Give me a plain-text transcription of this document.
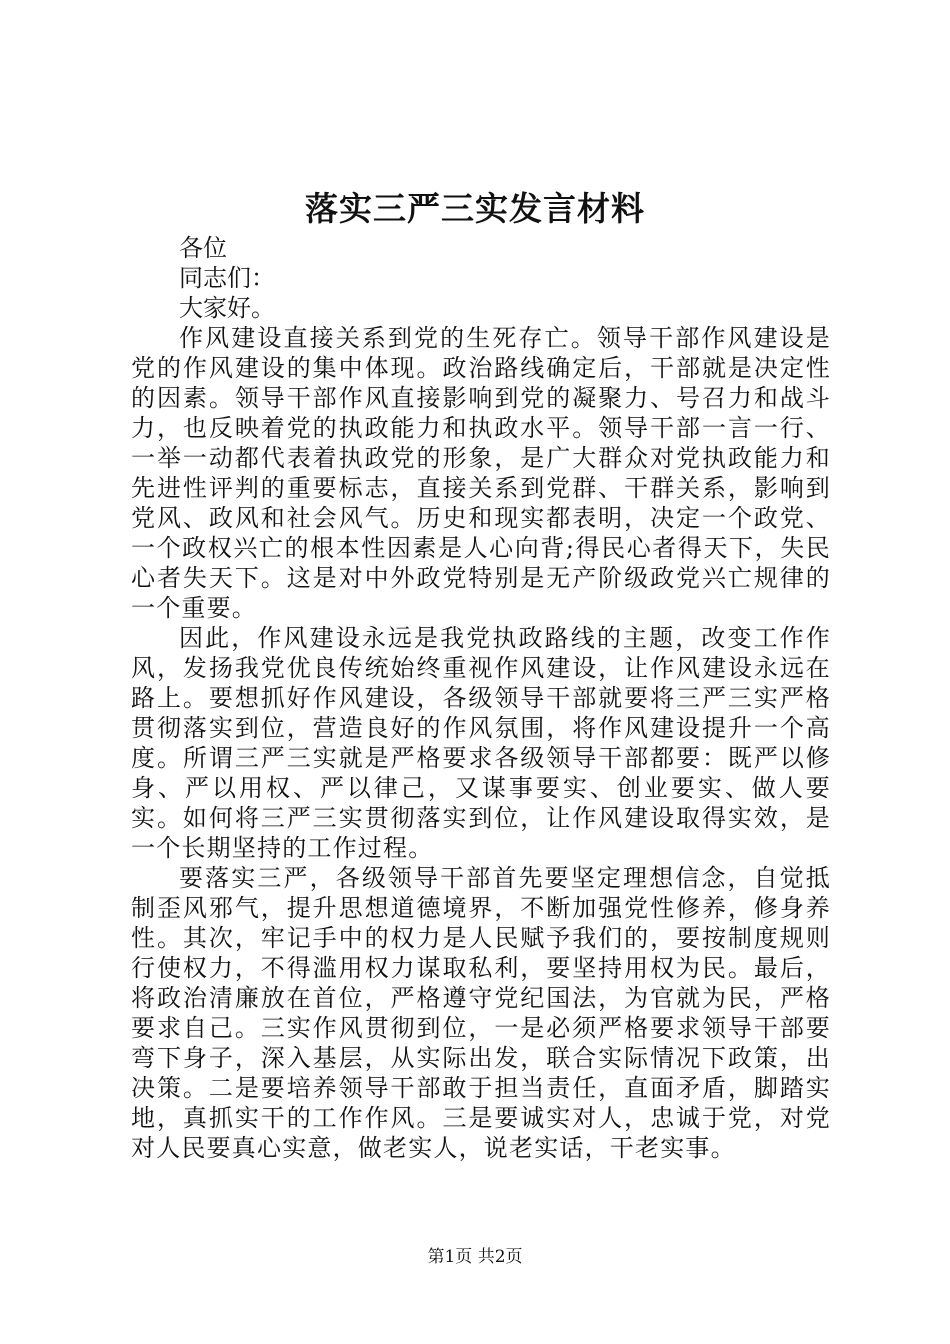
落实三严三实发言材料

各位

同志们：

大家好。

作风建设直接关系到党的生死存亡。领导干部作风建设是党的作风建设的集中体现。政治路线确定后，干部就是决定性的因素。领导干部作风直接影响到党的凝聚力、号召力和战斗力，也反映着党的执政能力和执政水平。领导干部一言一行、一举一动都代表着执政党的形象，是广大群众对党执政能力和先进性评判的重要标志，直接关系到党群、干群关系，影响到党风、政风和社会风气。历史和现实都表明，决定一个政党、一个政权兴亡的根本性因素是人心向背;得民心者得天下，失民心者失天下。这是对中外政党特别是无产阶级政党兴亡规律的一个重要。

因此，作风建设永远是我党执政路线的主题，改变工作作风，发扬我党优良传统始终重视作风建设，让作风建设永远在路上。要想抓好作风建设，各级领导干部就要将三严三实严格贯彻落实到位，营造良好的作风氛围，将作风建设提升一个高度。所谓三严三实就是严格要求各级领导干部都要：既严以修身、严以用权、严以律己，又谋事要实、创业要实、做人要实。如何将三严三实贯彻落实到位，让作风建设取得实效，是一个长期坚持的工作过程。

要落实三严，各级领导干部首先要坚定理想信念，自觉抵制歪风邪气，提升思想道德境界，不断加强党性修养，修身养性。其次，牢记手中的权力是人民赋予我们的，要按制度规则行使权力，不得滥用权力谋取私利，要坚持用权为民。最后，将政治清廉放在首位，严格遵守党纪国法，为官就为民，严格要求自己。三实作风贯彻到位，一是必须严格要求领导干部要弯下身子，深入基层，从实际出发，联合实际情况下政策，出决策。二是要培养领导干部敢于担当责任，直面矛盾，脚踏实地，真抓实干的工作作风。三是要诚实对人，忠诚于党，对党对人民要真心实意，做老实人，说老实话，干老实事。

第1页 共2页
